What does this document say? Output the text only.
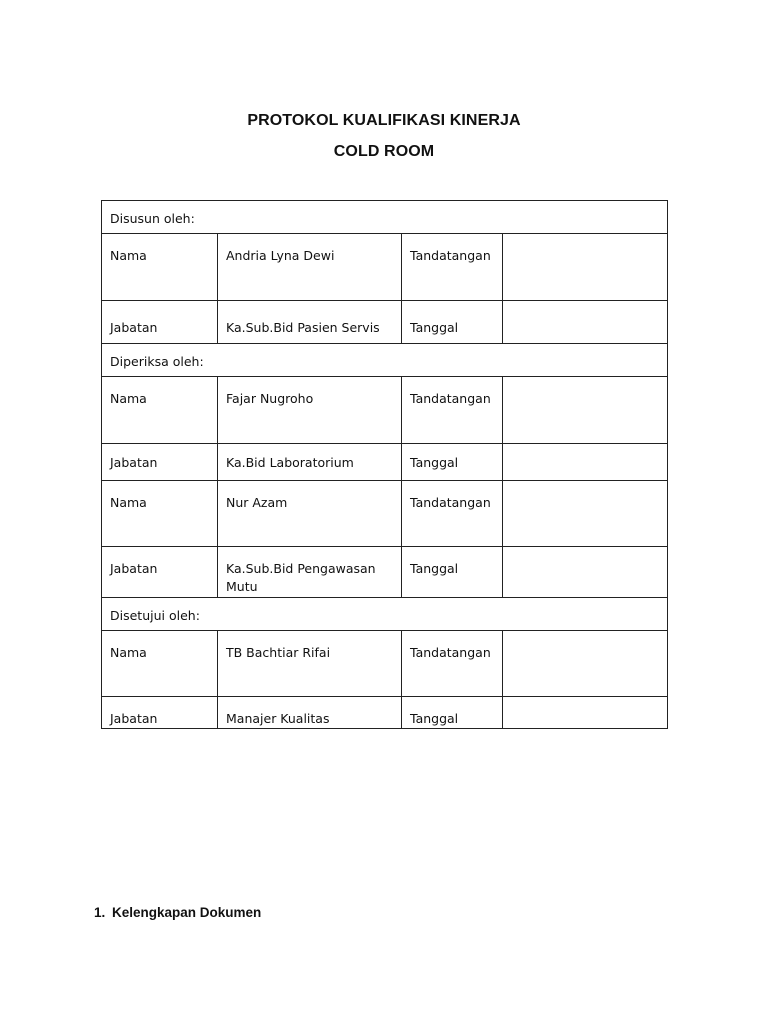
PROTOKOL KUALIFIKASI KINERJA
COLD ROOM
Disusun oleh:			
Nama	Andria Lyna Dewi	Tandatangan	
Jabatan	Ka.Sub.Bid Pasien Servis	Tanggal	
Diperiksa oleh:			
Nama	Fajar Nugroho	Tandatangan	
Jabatan	Ka.Bid Laboratorium	Tanggal	
Nama	Nur Azam	Tandatangan	
Jabatan	Ka.Sub.Bid Pengawasan Mutu	Tanggal	
Disetujui oleh:			
Nama	TB Bachtiar Rifai	Tandatangan	
Jabatan	Manajer Kualitas	Tanggal	
1. Kelengkapan Dokumen
